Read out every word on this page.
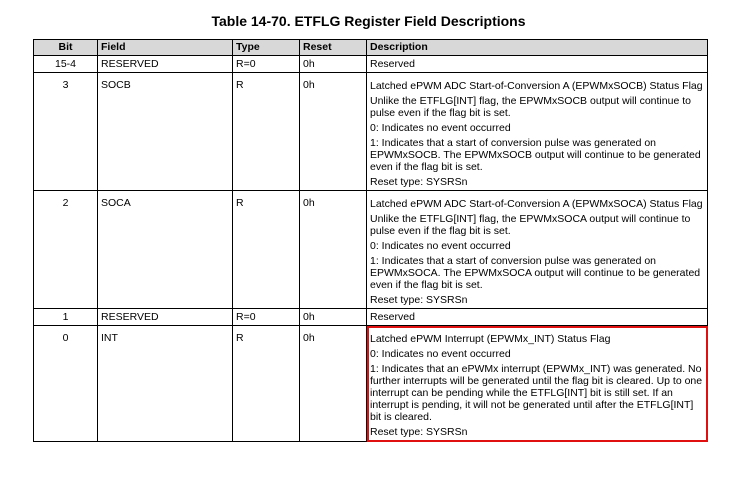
Table 14-70. ETFLG Register Field Descriptions
Bit	Field	Type	Reset	Description
15-4	RESERVED	R=0	0h	Reserved

3	SOCB	R	0h	Latched ePWM ADC Start-of-Conversion A (EPWMxSOCB) Status Flag

Unlike the ETFLG[INT] flag, the EPWMxSOCB output will continue to pulse even if the flag bit is set.

0: Indicates no event occurred

1: Indicates that a start of conversion pulse was generated on EPWMxSOCB. The EPWMxSOCB output will continue to be generated even if the flag bit is set.

Reset type: SYSRSn

2	SOCA	R	0h	Latched ePWM ADC Start-of-Conversion A (EPWMxSOCA) Status Flag

Unlike the ETFLG[INT] flag, the EPWMxSOCA output will continue to pulse even if the flag bit is set.

0: Indicates no event occurred

1: Indicates that a start of conversion pulse was generated on EPWMxSOCA. The EPWMxSOCA output will continue to be generated even if the flag bit is set.

Reset type: SYSRSn

1	RESERVED	R=0	0h	Reserved

0	INT	R	0h	Latched ePWM Interrupt (EPWMx_INT) Status Flag

0: Indicates no event occurred

1: Indicates that an ePWMx interrupt (EPWMx_INT) was generated. No further interrupts will be generated until the flag bit is cleared. Up to one interrupt can be pending while the ETFLG[INT] bit is still set. If an interrupt is pending, it will not be generated until after the ETFLG[INT] bit is cleared.

Reset type: SYSRSn
